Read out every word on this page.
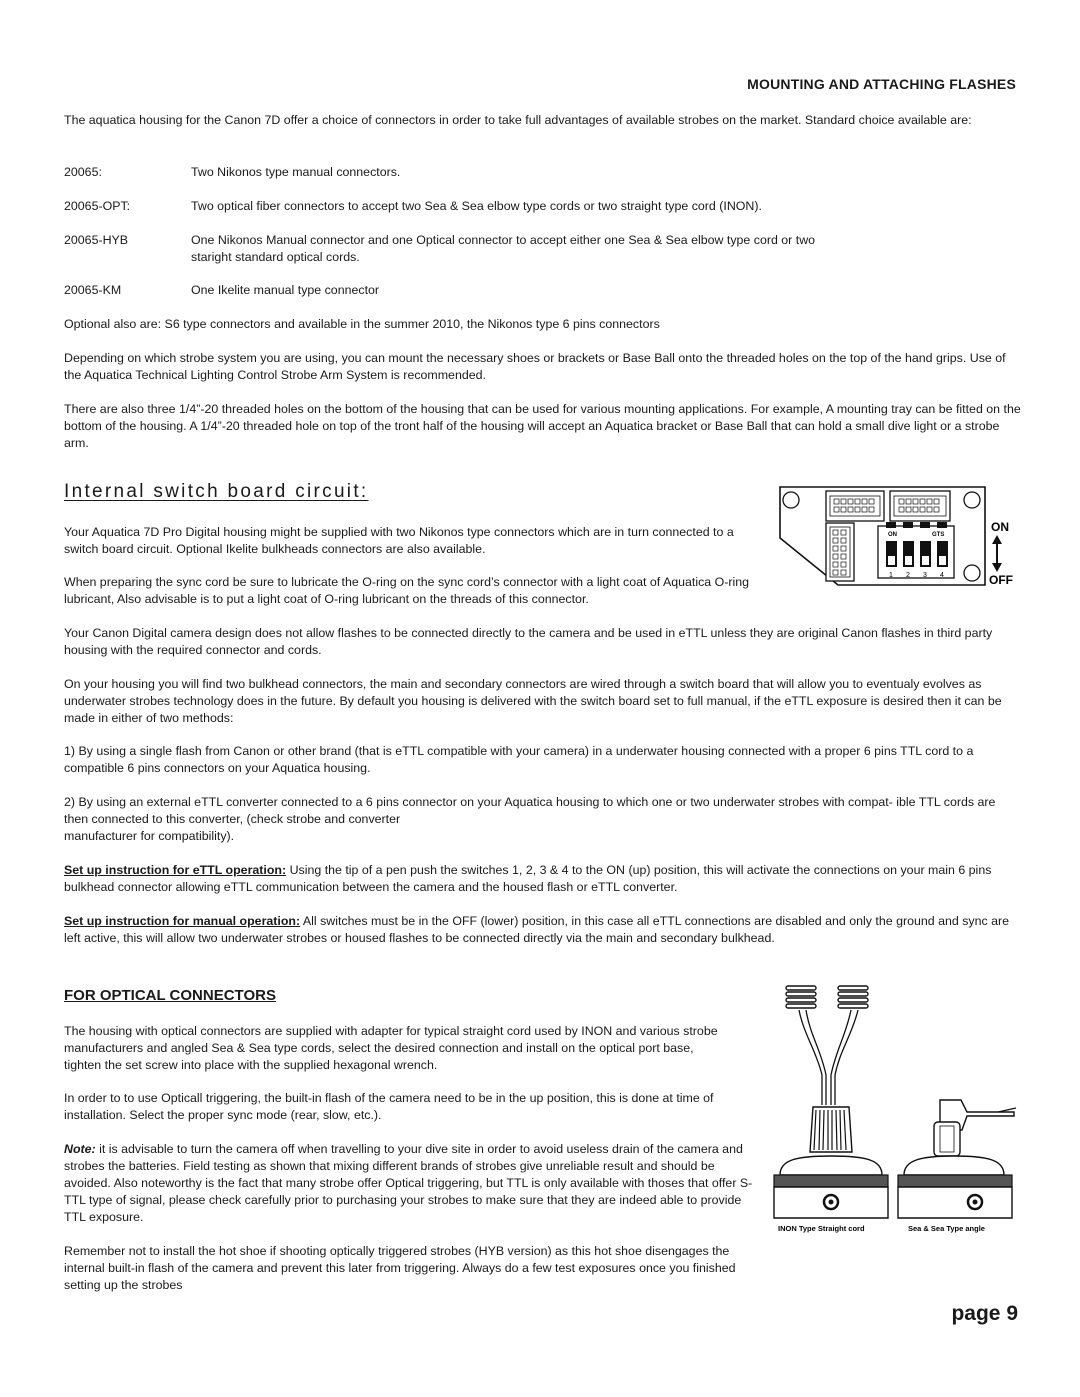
MOUNTING AND ATTACHING FLASHES

The aquatica housing for the Canon 7D offer a choice of connectors in order to take full advantages of available strobes on the market. Standard choice available are:

20065:	Two Nikonos type manual connectors.
20065-OPT:	Two optical fiber connectors to accept two Sea & Sea elbow type cords or two straight type cord (INON).
20065-HYB	One Nikonos Manual connector and one Optical connector to accept either one Sea & Sea elbow type cord or two staright standard optical cords.
20065-KM	One Ikelite manual type connector

Optional also are: S6 type connectors and available in the summer 2010, the Nikonos type 6 pins connectors

Depending on which strobe system you are using, you can mount the necessary shoes or brackets or Base Ball onto the threaded holes on the top of the hand grips. Use of the Aquatica Technical Lighting Control Strobe Arm System is recommended.

There are also three 1/4”-20 threaded holes on the bottom of the housing that can be used for various mounting applications. For example, A mounting tray can be fitted on the bottom of the housing. A 1/4”-20 threaded hole on top of the tront half of the housing will accept an Aquatica bracket or Base Ball that can hold a small dive light or a strobe arm.

Internal switch board circuit:

Your Aquatica 7D Pro Digital housing might be supplied with two Nikonos type connectors which are in turn connected to a switch board circuit. Optional Ikelite bulkheads connectors are also available.

When preparing the sync cord be sure to lubricate the O-ring on the sync cord’s connector with a light coat of Aquatica O-ring lubricant, Also advisable is to put a light coat of O-ring lubricant on the threads of this connector.

ON	GTS
1 2 3 4
ON
OFF

Your Canon Digital camera design does not allow flashes to be connected directly to the camera and be used in eTTL unless they are original Canon flashes in third party housing with the required connector and cords.

On your housing you will find two bulkhead connectors, the main and secondary connectors are wired through a switch board that will allow you to eventualy evolves as underwater strobes technology does in the future. By default you housing is delivered with the switch board set to full manual, if the eTTL exposure is desired then it can be made in either of two methods:

1) By using a single flash from Canon or other brand (that is eTTL compatible with your camera) in a underwater housing connected with a proper 6 pins TTL cord to a compatible 6 pins connectors on your Aquatica housing.

2) By using an external eTTL converter connected to a 6 pins connector on your Aquatica housing to which one or two underwater strobes with compat- ible TTL cords are then connected to this converter, (check strobe and converter

manufacturer for compatibility).

Set up instruction for eTTL operation: Using the tip of a pen push the switches 1, 2, 3 & 4 to the ON (up) position, this will activate the connections on your main 6 pins bulkhead connector allowing eTTL communication between the camera and the housed flash or eTTL converter.

Set up instruction for manual operation: All switches must be in the OFF (lower) position, in this case all eTTL connections are disabled and only the ground and sync are left active, this will allow two underwater strobes or housed flashes to be connected directly via the main and secondary bulkhead.

FOR OPTICAL CONNECTORS

The housing with optical connectors are supplied with adapter for typical straight cord used by INON and various strobe manufacturers and angled Sea & Sea type cords, select the desired connection and install on the optical port base, tighten the set screw into place with the supplied hexagonal wrench.

In order to to use Opticall triggering, the built-in flash of the camera need to be in the up position, this is done at time of installation. Select the proper sync mode (rear, slow, etc.).

Note: it is advisable to turn the camera off when travelling to your dive site in order to avoid useless drain of the camera and strobes the batteries. Field testing as shown that mixing different brands of strobes give unreliable result and should be avoided. Also noteworthy is the fact that many strobe offer Optical triggering, but TTL is only available with thoses that offer S-TTL type of signal, please check carefully prior to purchasing your strobes to make sure that they are indeed able to provide TTL exposure.

Remember not to install the hot shoe if shooting optically triggered strobes (HYB version) as this hot shoe disengages the internal built-in flash of the camera and prevent this later from triggering. Always do a few test exposures once you finished setting up the strobes

INON Type Straight cord	Sea & Sea Type angle
page 9
